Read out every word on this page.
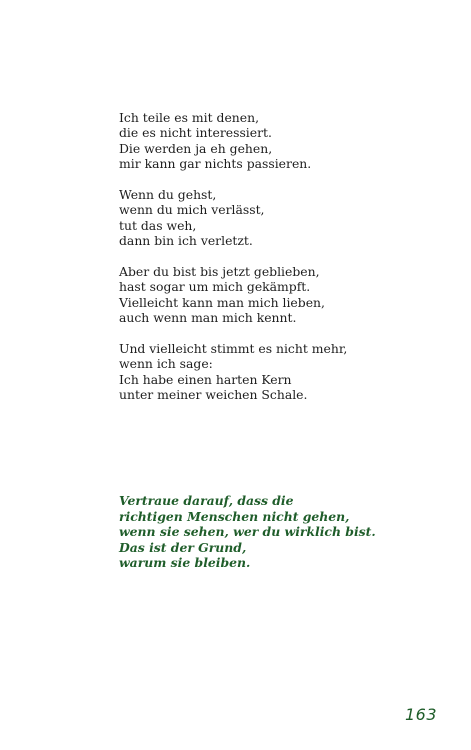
Ich teile es mit denen,
die es nicht interessiert.
Die werden ja eh gehen,
mir kann gar nichts passieren.
Wenn du gehst,
wenn du mich verlässt,
tut das weh,
dann bin ich verletzt.
Aber du bist bis jetzt geblieben,
hast sogar um mich gekämpft.
Vielleicht kann man mich lieben,
auch wenn man mich kennt.
Und vielleicht stimmt es nicht mehr,
wenn ich sage:
Ich habe einen harten Kern
unter meiner weichen Schale.
Vertraue darauf, dass die
richtigen Menschen nicht gehen,
wenn sie sehen, wer du wirklich bist.
Das ist der Grund,
warum sie bleiben.
163
